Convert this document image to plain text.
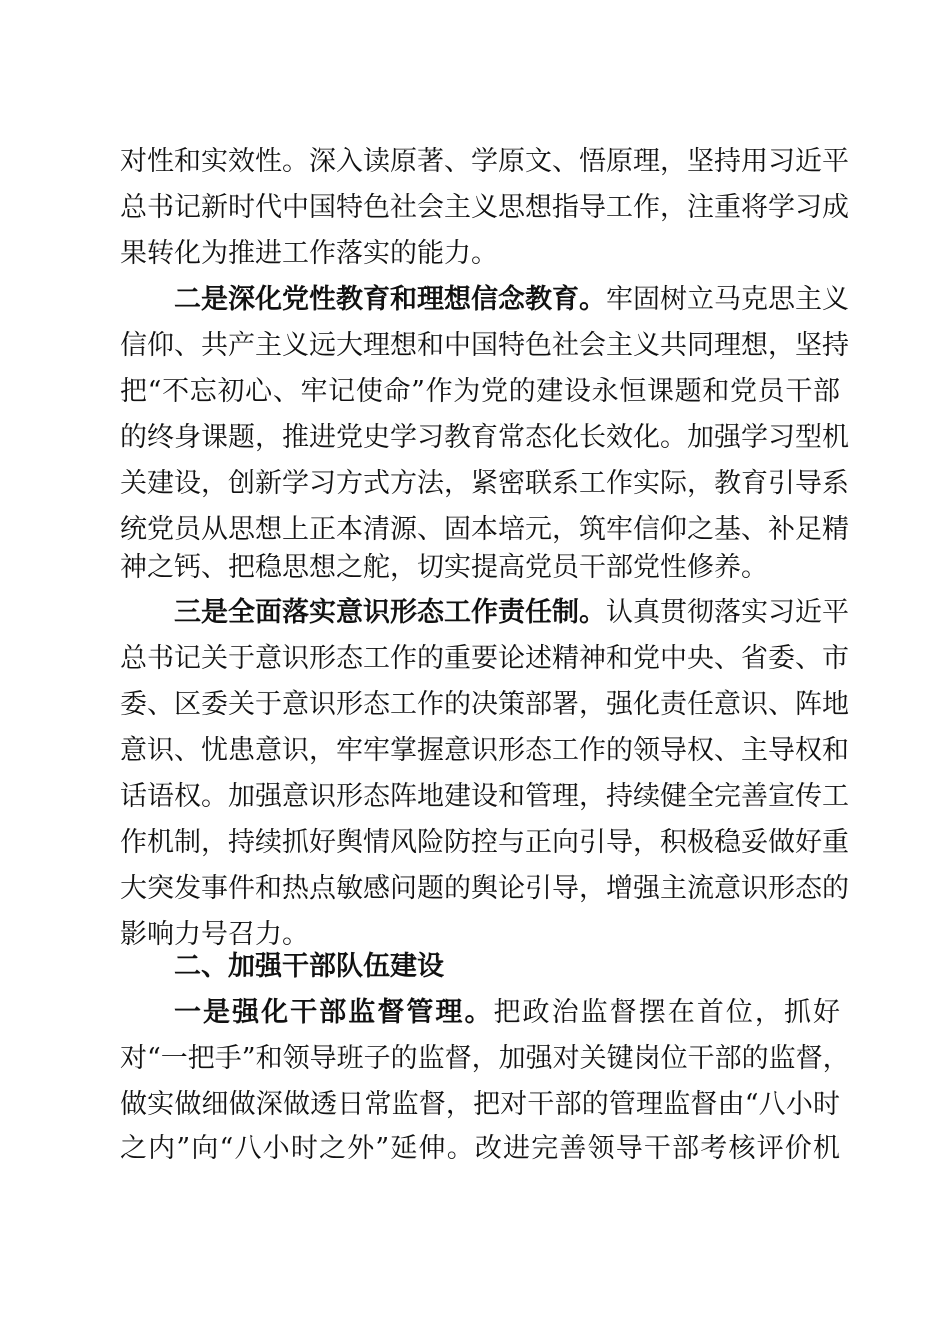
对性和实效性。深入读原著、学原文、悟原理，坚持用习近平

总书记新时代中国特色社会主义思想指导工作，注重将学习成

果转化为推进工作落实的能力。

二是深化党性教育和理想信念教育。牢固树立马克思主义

信仰、共产主义远大理想和中国特色社会主义共同理想，坚持

把“不忘初心、牢记使命”作为党的建设永恒课题和党员干部

的终身课题，推进党史学习教育常态化长效化。加强学习型机

关建设，创新学习方式方法，紧密联系工作实际，教育引导系

统党员从思想上正本清源、固本培元，筑牢信仰之基、补足精

神之钙、把稳思想之舵，切实提高党员干部党性修养。

三是全面落实意识形态工作责任制。认真贯彻落实习近平

总书记关于意识形态工作的重要论述精神和党中央、省委、市

委、区委关于意识形态工作的决策部署，强化责任意识、阵地

意识、忧患意识，牢牢掌握意识形态工作的领导权、主导权和

话语权。加强意识形态阵地建设和管理，持续健全完善宣传工

作机制，持续抓好舆情风险防控与正向引导，积极稳妥做好重

大突发事件和热点敏感问题的舆论引导，增强主流意识形态的

影响力号召力。

二、加强干部队伍建设

一是强化干部监督管理。把政治监督摆在首位，抓好

对“一把手”和领导班子的监督，加强对关键岗位干部的监督，

做实做细做深做透日常监督，把对干部的管理监督由“八小时

之内”向“八小时之外”延伸。改进完善领导干部考核评价机
